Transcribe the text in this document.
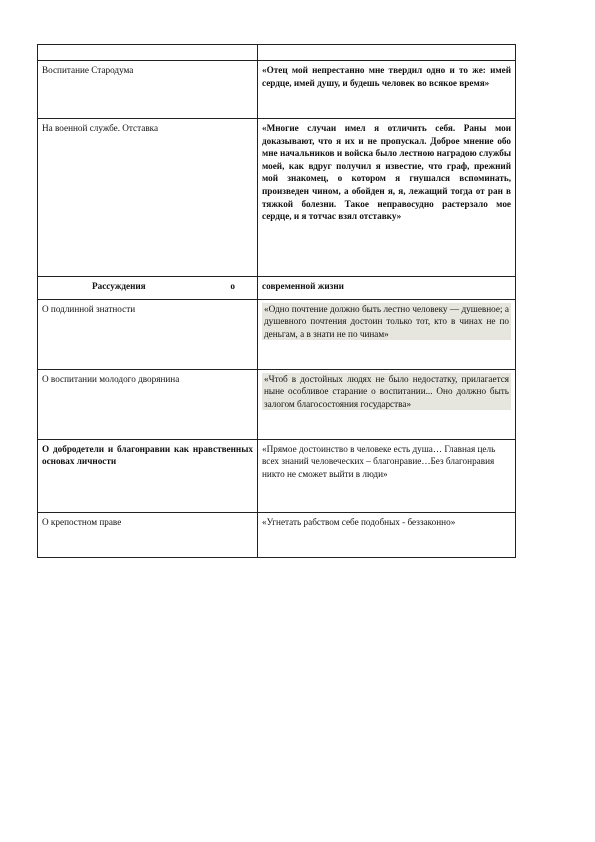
Воспитание Стародума	«Отец мой непрестанно мне твердил одно и то же: имей сердце, имей душу, и будешь человек во всякое время»
На военной службе. Отставка	«Многие случаи имел я отличить себя. Раны мои доказывают, что я их и не пропускал. Доброе мнение обо мне начальников и войска было лестною наградою службы моей, как вдруг получил я известие, что граф, прежний мой знакомец, о котором я гнушался вспоминать, произведен чином, а обойден я, я, лежащий тогда от ран в тяжкой болезни. Такое неправосудно растерзало мое сердце, и я тотчас взял отставку»

Рассуждения о	современной жизни
О подлинной знатности	«Одно почтение должно быть лестно человеку — душевное; а душевного почтения достоин только тот, кто в чинах не по деньгам, а в знати не по чинам»

О воспитании молодого дворянина	«Чтоб в достойных людях не было недостатку, прилагается ныне особливое старание о воспитании... Оно должно быть залогом благосостояния государства»

О добродетели и благонравии как нравственных основах личности	«Прямое достоинство в человеке есть душа… Главная цель всех знаний человеческих – благонравие…Без благонравия никто не сможет выйти в люди»
О крепостном праве	«Угнетать рабством себе подобных - беззаконно»
